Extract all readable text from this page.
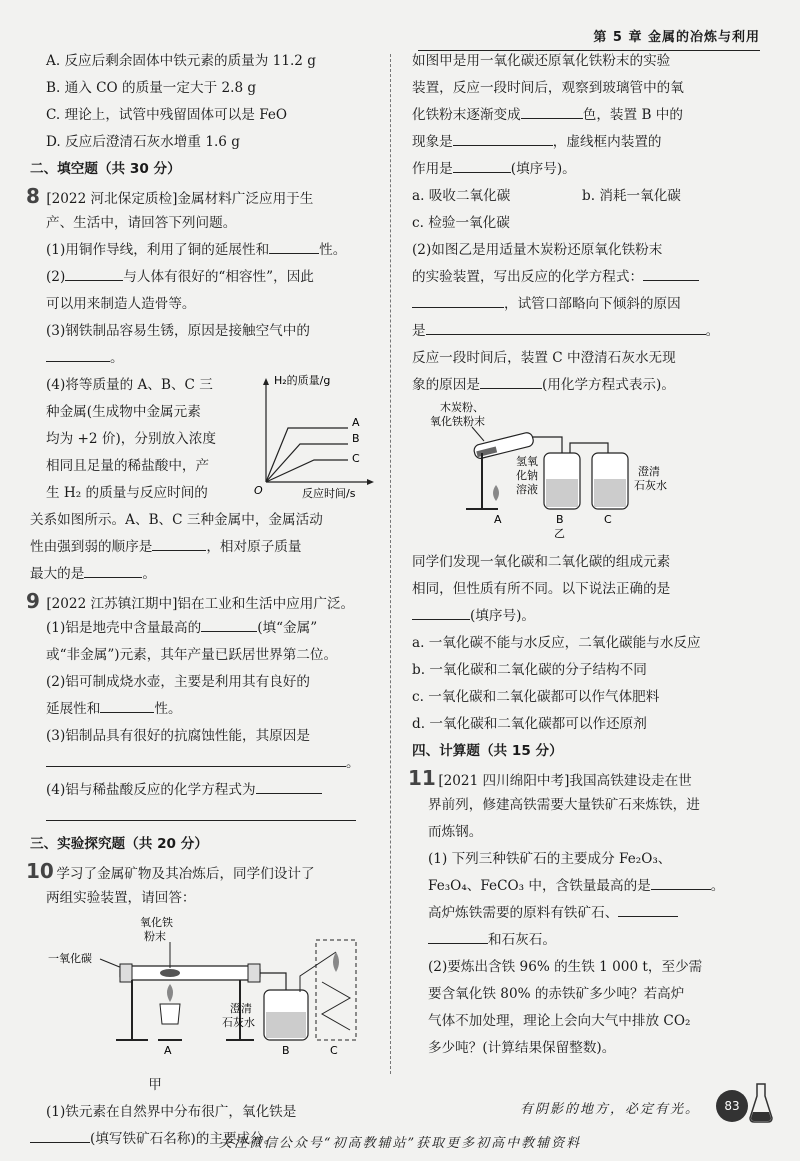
第 5 章 金属的冶炼与利用
A. 反应后剩余固体中铁元素的质量为 11.2 g
B. 通入 CO 的质量一定大于 2.8 g
C. 理论上，试管中残留固体可以是 FeO
D. 反应后澄清石灰水增重 1.6 g
二、填空题（共 30 分）
8 [2022 河北保定质检]金属材料广泛应用于生
产、生活中，请回答下列问题。
(1)用铜作导线，利用了铜的延展性和	性。
(2)	与人体有很好的“相容性”，因此
可以用来制造人造骨等。
(3)钢铁制品容易生锈，原因是接触空气中的
。
(4)将等质量的 A、B、C 三
种金属(生成物中金属元素
均为 +2 价)，分别放入浓度
相同且足量的稀盐酸中，产
生 H₂ 的质量与反应时间的
H₂的质量/g
A
B
C
O	反应时间/s
关系如图所示。A、B、C 三种金属中，金属活动
性由强到弱的顺序是	，相对原子质量
最大的是	。
9 [2022 江苏镇江期中]铝在工业和生活中应用广泛。
(1)铝是地壳中含量最高的	(填“金属”
或“非金属”)元素，其年产量已跃居世界第二位。
(2)铝可制成烧水壶，主要是利用其有良好的
延展性和	性。
(3)铝制品具有很好的抗腐蚀性能，其原因是
。
(4)铝与稀盐酸反应的化学方程式为
三、实验探究题（共 20 分）
10 学习了金属矿物及其冶炼后，同学们设计了
两组实验装置，请回答：
氧化铁
粉末
一氧化碳
A
澄清
石灰水
B	C
甲
(1)铁元素在自然界中分布很广，氧化铁是
(填写铁矿石名称)的主要成分。
如图甲是用一氧化碳还原氧化铁粉末的实验
装置，反应一段时间后，观察到玻璃管中的氧
化铁粉末逐渐变成	色，装置 B 中的
现象是	，虚线框内装置的
作用是	(填序号)。
a. 吸收二氧化碳	b. 消耗一氧化碳
c. 检验一氧化碳
(2)如图乙是用适量木炭粉还原氧化铁粉末
的实验装置，写出反应的化学方程式：
，试管口部略向下倾斜的原因
是	。
反应一段时间后，装置 C 中澄清石灰水无现
象的原因是	(用化学方程式表示)。
木炭粉、
氧化铁粉末
A
氢氧
化钠
溶液
B	C
澄清
石灰水
乙
同学们发现一氧化碳和二氧化碳的组成元素
相同，但性质有所不同。以下说法正确的是
(填序号)。
a. 一氧化碳不能与水反应，二氧化碳能与水反应
b. 一氧化碳和二氧化碳的分子结构不同
c. 一氧化碳和二氧化碳都可以作气体肥料
d. 一氧化碳和二氧化碳都可以作还原剂
四、计算题（共 15 分）
11 [2021 四川绵阳中考]我国高铁建设走在世
界前列，修建高铁需要大量铁矿石来炼铁，进
而炼钢。
(1) 下列三种铁矿石的主要成分 Fe₂O₃、
Fe₃O₄、FeCO₃ 中，含铁量最高的是	。
高炉炼铁需要的原料有铁矿石、
和石灰石。
(2)要炼出含铁 96% 的生铁 1 000 t，至少需
要含氧化铁 80% 的赤铁矿多少吨？若高炉
气体不加处理，理论上会向大气中排放 CO₂
多少吨？(计算结果保留整数)。
有阴影的地方，必定有光。	83
关注微信公众号“初高教辅站”获取更多初高中教辅资料
